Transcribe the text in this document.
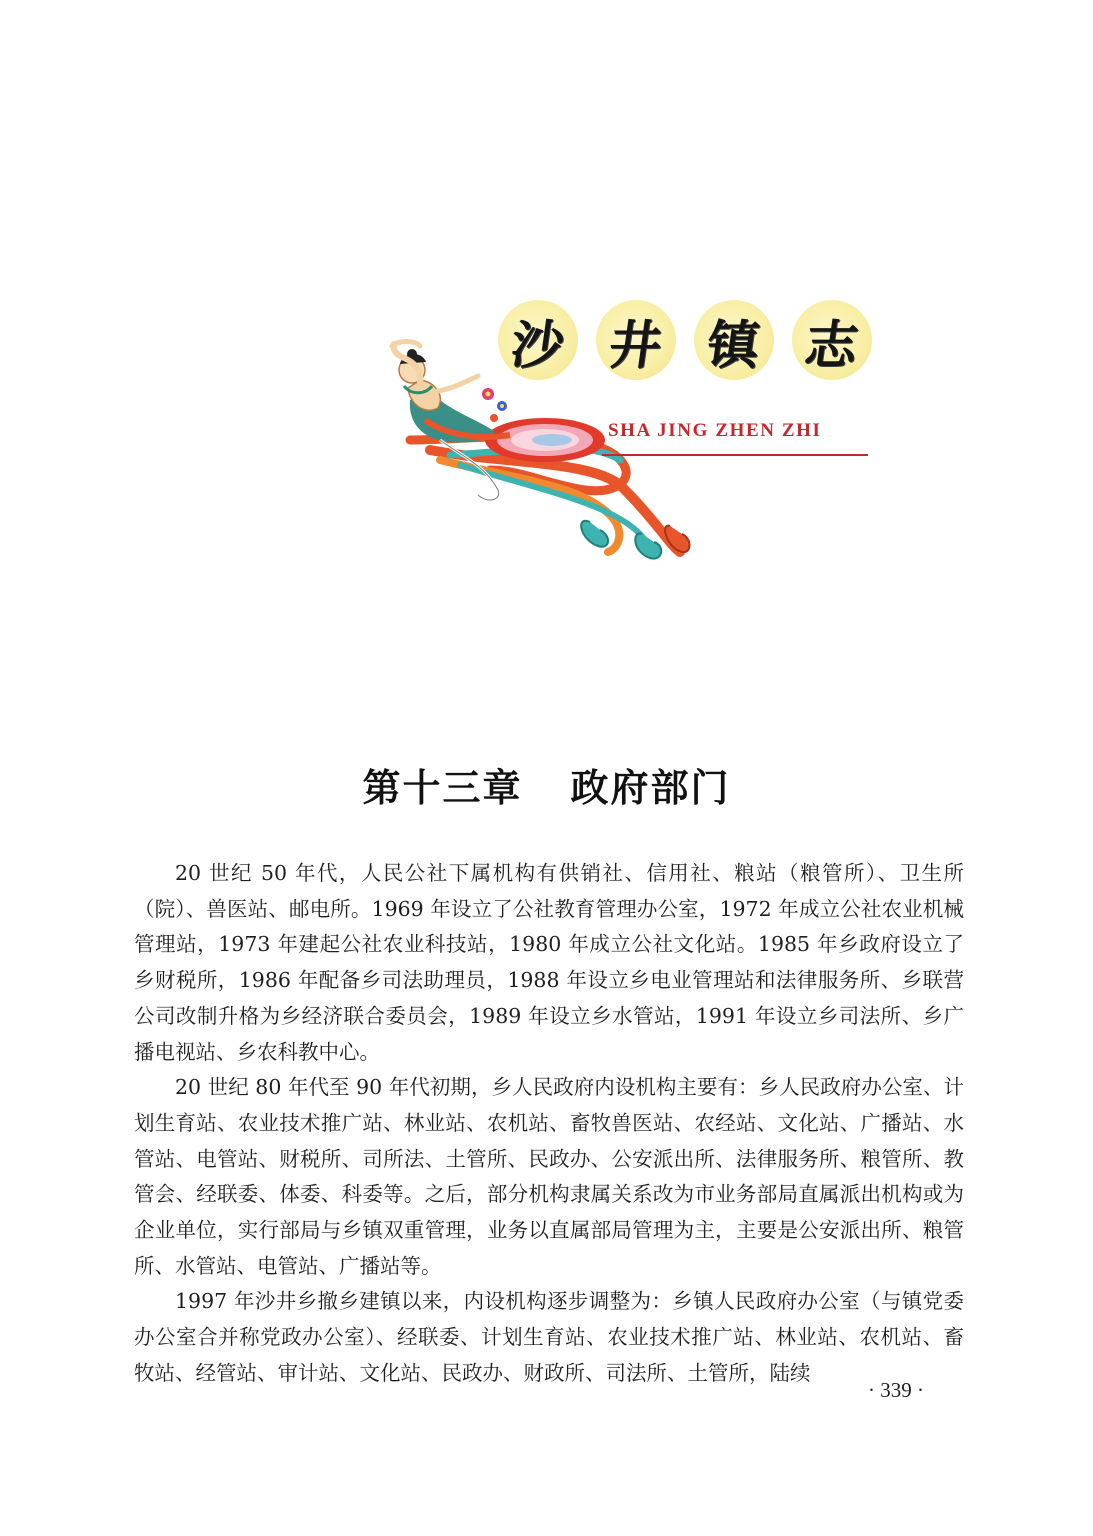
沙 井 镇 志
SHA JING ZHEN ZHI
第十三章 政府部门

20 世纪 50 年代，人民公社下属机构有供销社、信用社、粮站（粮管所）、卫生所（院）、兽医站、邮电所。1969 年设立了公社教育管理办公室，1972 年成立公社农业机械管理站，1973 年建起公社农业科技站，1980 年成立公社文化站。1985 年乡政府设立了乡财税所，1986 年配备乡司法助理员，1988 年设立乡电业管理站和法律服务所、乡联营公司改制升格为乡经济联合委员会，1989 年设立乡水管站，1991 年设立乡司法所、乡广播电视站、乡农科教中心。

20 世纪 80 年代至 90 年代初期，乡人民政府内设机构主要有：乡人民政府办公室、计划生育站、农业技术推广站、林业站、农机站、畜牧兽医站、农经站、文化站、广播站、水管站、电管站、财税所、司所法、土管所、民政办、公安派出所、法律服务所、粮管所、教管会、经联委、体委、科委等。之后，部分机构隶属关系改为市业务部局直属派出机构或为企业单位，实行部局与乡镇双重管理，业务以直属部局管理为主，主要是公安派出所、粮管所、水管站、电管站、广播站等。

1997 年沙井乡撤乡建镇以来，内设机构逐步调整为：乡镇人民政府办公室（与镇党委办公室合并称党政办公室）、经联委、计划生育站、农业技术推广站、林业站、农机站、畜牧站、经管站、审计站、文化站、民政办、财政所、司法所、土管所，陆续

· 339 ·
